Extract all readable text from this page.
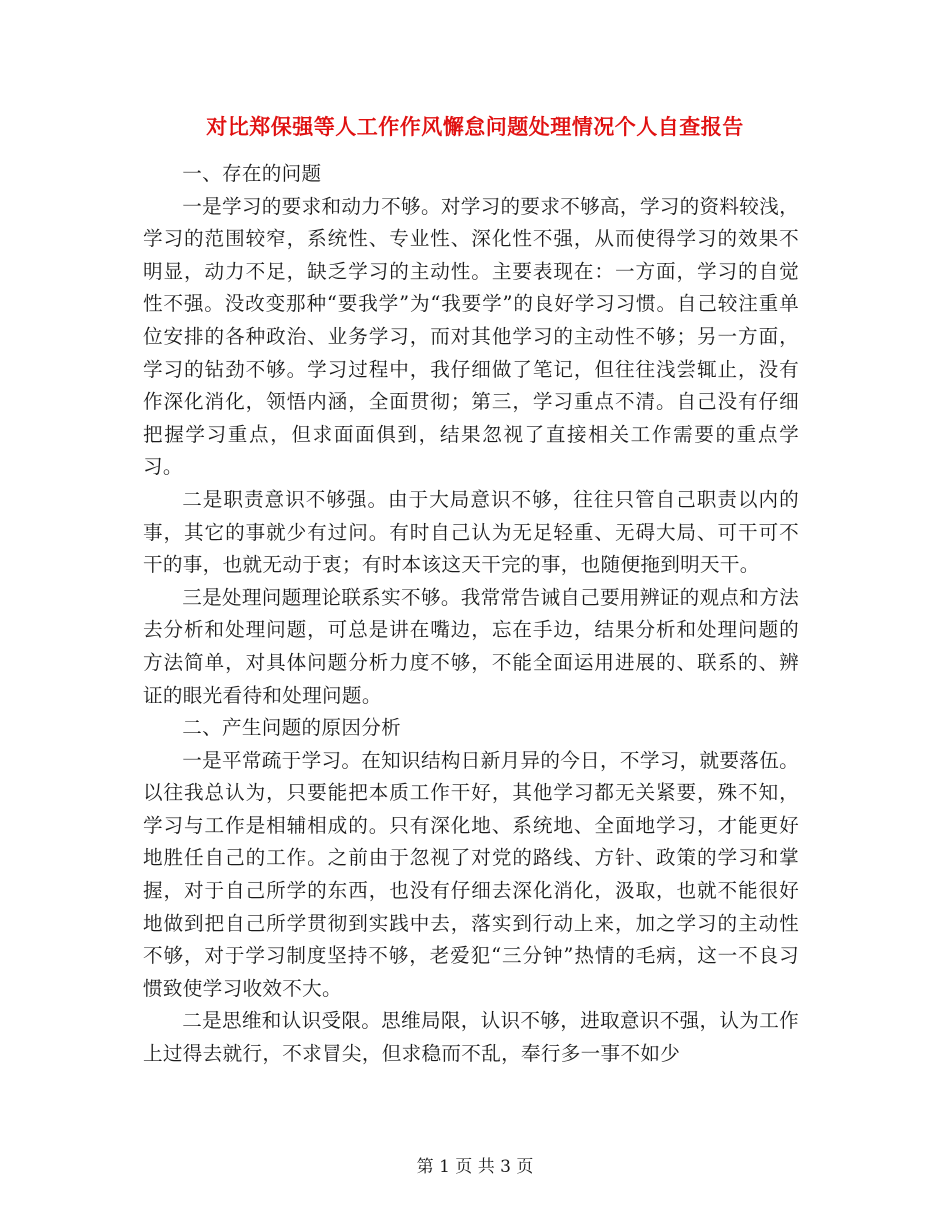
对比郑保强等人工作作风懈怠问题处理情况个人自查报告

一、存在的问题

一是学习的要求和动力不够。对学习的要求不够高，学习的资料较浅，学习的范围较窄，系统性、专业性、深化性不强，从而使得学习的效果不明显，动力不足，缺乏学习的主动性。主要表现在：一方面，学习的自觉性不强。没改变那种“要我学”为“我要学”的良好学习习惯。自己较注重单位安排的各种政治、业务学习，而对其他学习的主动性不够；另一方面，学习的钻劲不够。学习过程中，我仔细做了笔记，但往往浅尝辄止，没有作深化消化，领悟内涵，全面贯彻；第三，学习重点不清。自己没有仔细把握学习重点，但求面面俱到，结果忽视了直接相关工作需要的重点学习。

二是职责意识不够强。由于大局意识不够，往往只管自己职责以内的事，其它的事就少有过问。有时自己认为无足轻重、无碍大局、可干可不干的事，也就无动于衷；有时本该这天干完的事，也随便拖到明天干。

三是处理问题理论联系实不够。我常常告诫自己要用辨证的观点和方法去分析和处理问题，可总是讲在嘴边，忘在手边，结果分析和处理问题的方法简单，对具体问题分析力度不够，不能全面运用进展的、联系的、辨证的眼光看待和处理问题。

二、产生问题的原因分析

一是平常疏于学习。在知识结构日新月异的今日，不学习，就要落伍。以往我总认为，只要能把本质工作干好，其他学习都无关紧要，殊不知，学习与工作是相辅相成的。只有深化地、系统地、全面地学习，才能更好地胜任自己的工作。之前由于忽视了对党的路线、方针、政策的学习和掌握，对于自己所学的东西，也没有仔细去深化消化，汲取，也就不能很好地做到把自己所学贯彻到实践中去，落实到行动上来，加之学习的主动性不够，对于学习制度坚持不够，老爱犯“三分钟”热情的毛病，这一不良习惯致使学习收效不大。

二是思维和认识受限。思维局限，认识不够，进取意识不强，认为工作上过得去就行，不求冒尖，但求稳而不乱，奉行多一事不如少

第 1 页 共 3 页
